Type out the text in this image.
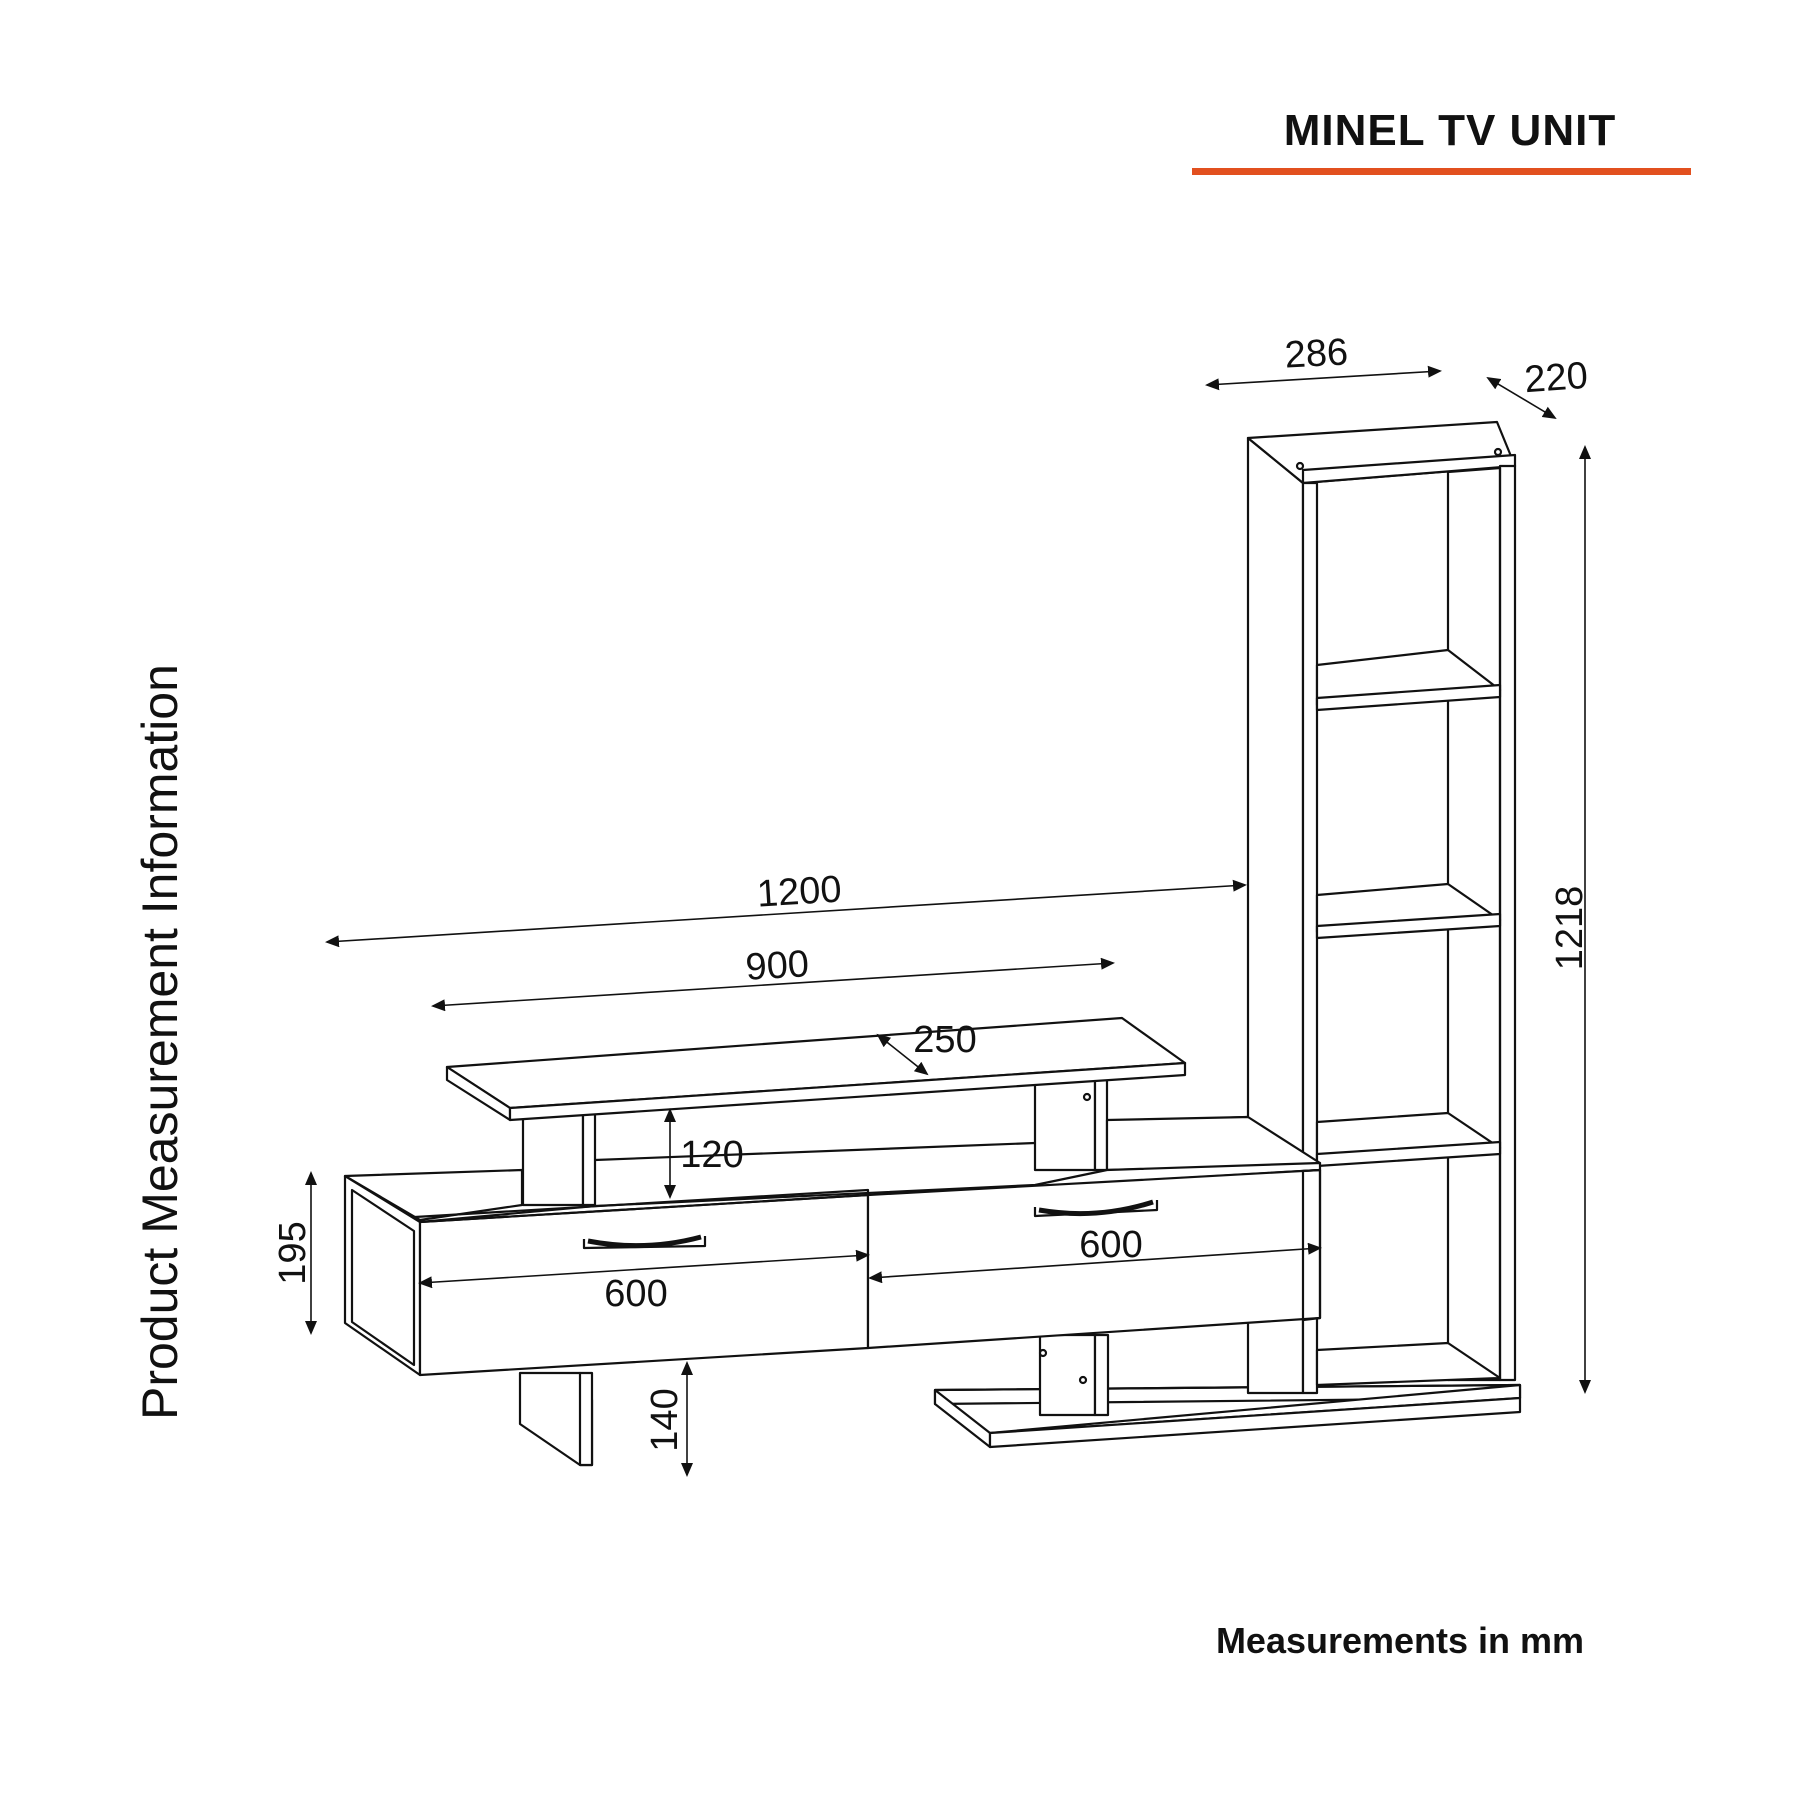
MINEL TV UNIT
Product Measurement Information	1200
900
250
120
195
140
600
600
286
220
1218
Measurements in mm
